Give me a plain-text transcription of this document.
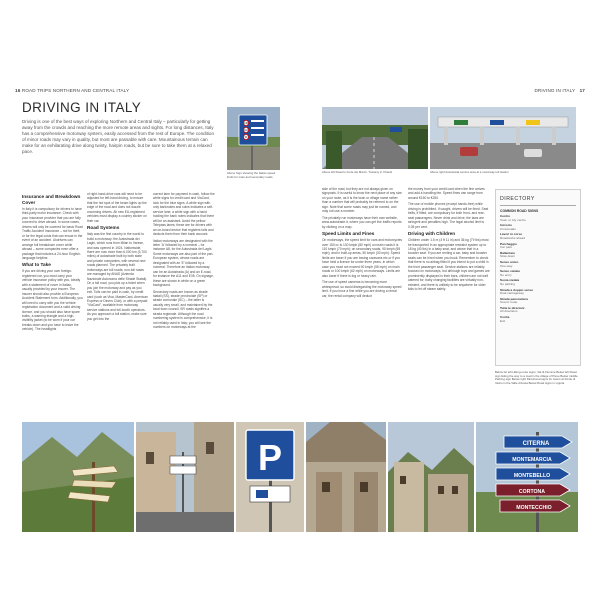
16 ROAD TRIPS NORTHERN AND CENTRAL ITALY	DRIVING IN ITALY 17
DRIVING IN ITALY
Driving is one of the best ways of exploring Northern and Central Italy – particularly for getting away from the crowds and reaching the more remote areas and sights. For long distances, Italy has a comprehensive motorway system, easily accessed from the rest of Europe. The condition of minor roads may vary in quality, but most are passable with care. Mountainous terrain can make for an exhilarating drive along twisty, hairpin roads, but be sure to take them at a relaxed pace.
130
110
90
Above Sign showing the Italian speed limits for main and secondary roads
Above left Road to Forte dei Marmi, Tuscany in Chianti	Above right Autostrada service area at a motorway toll station
Insurance and Breakdown Cover

In Italy it is compulsory for drivers to have third-party motor insurance. Check with your insurance provider that you are fully covered to drive abroad. In some cases, drivers will only be covered for basic Road Traffic Accident Insurance – not for theft, or for the legal costs that can ensue in the event of an accident. Ukdrivers can arrange full breakdown cover while abroad – some companies even offer a package that includes a 24-hour English-language helpline.

What to Take

If you are driving your own foreign-registered car, you must carry your vehicle insurance policy with you, ideally with a statement of cover in Italian, usually provided by your insurer. The insurer should also provide a European Accident Statement form. Additionally, you will need to carry with you the vehicle registration document and a valid driving licence, and you should also have spare bulbs, a warning triangle and a high-visibility jacket (to be worn if your car breaks down and you have to leave the vehicle). The headlights

of right-hand-drive cars will need to be adjusted for left-hand driving, to ensure that the hot spot of the beam lights up the edge of the road and does not dazzle oncoming drivers. All new EU-registered vehicles must display a country sticker on their car.

Road Systems

Italy was the first country in the world to build a motorway: the Autostrada dei Laghi, which runs from Milan to Varese, and was opened in 1924. Nationwide, there are now more than 6,000 km (3,700 miles) of autostrade built by both state and private companies, with several new roads planned. The privately built motorways are toll roads; non-toll roads are managed by ANAS (Azienda Nazionale Autonoma delle Strade Statali). On a toll road, you pick up a ticket when you join the motorway and pay as you exit. Tolls can be paid in cash, by credit card (such as Visa, MasterCard, American Express or Diners Club), or with a prepaid "ViaCard", available from motorway service stations and toll-booth operators. As you approach a toll station, make sure you get into the

correct lane for payment in cash, follow the white signs for credit card and ViaCard, look for the blue signs. A white sign with only banknotes and coins indicates a self-service lane; a white sign with a hand holding the bank notes indicates that there will be an assistant. Avoid the yellow Telepass lanes; these are for drivers with an on-board device that registers tolls and deducts them from their bank account.

Italian motorways are designated with the letter 'A' followed by a numeral – for instance A8, for the Autostrada dei Laghi. Some motorways are also part of the pan-European system, whose roads are designated with an 'E' followed by a numeral. Therefore an Italian motorway can be an Autostrada (A) and an E-road, for instance the A11 and E35. On signage, these are shown in white on a green background.

Secondary roads are known as strade statali (SS), strade provinciale (SP) or strade comunale (SC) – the latter is usually very small, and maintained by the local town council. SR roads signifies a strada regionale. Although the road numbering system is comprehensive, it is not reliably used in Italy; you will see the numbers on motorways at the

side of the road, but they are not always given on signposts. It is useful to know the next place of any size on your route, as it is the town or village name rather than a number that will probably be referred to on the sign. Note that some roads may just be named, and may not use a number.

The privately run motorways have their own website, www.autostrade.it, where you can get live traffic reports by clicking on a map.

Speed Limits and Fines

On motorways, the speed limit for cars and motorcycles over 150 cc is 130 kmph (80 mph) on main roads it is 110 kmph (70 mph); on secondary roads, 90 kmph (55 mph); and in built-up areas, 50 kmph (30 mph). Speed limits are lower if you are towing caravans etc or if you have held a licence for under three years, in which case you must not exceed 90 kmph (55 mph) on main roads or 100 kmph (62 mph) on motorways. Limits are also lower if there is fog or heavy rain.

The use of speed cameras is becoming more widespread, so avoid disregarding the motorway speed limit. If you incur a fine while you are driving a rental car, the rental company will deduct

the money from your credit card when the fine arrives and add a handling fee. Speed fines can range from around €150 to €250.

The use of mobile phones (except hands-free) while driving is prohibited. If caught, drivers will be fined. Seat belts, if fitted, are compulsory for both front- and rear-seat passengers. Never drink and drive; the laws are stringent and penalties high. The legal alcohol limit is 0.05 per cent.

Driving with Children

Children under 1.5 m (4 ft 11 in) and 36 kg (79 lbs) must be transported in an appropriate restraint system up to 18 kg (40 lbs) in a baby seat, and above that in a booster seat. If you are renting a car, baby and booster seats can be hired when you book. Remember to check that there is no airbag fitted if you intend to put a child in the front passenger seat. Service stations are reliably focused on motorways, but although toys and games are prominently displayed in their bars, children are not well catered for; baby changing facilities are virtually non-existent, and there is unlikely to be anywhere for older kids to let off steam safely.

DIRECTORY
COMMON ROAD SIGNS
Centro
Town or city centre
Incrocio
Crossroads
Lavori in corso
Roadworks ahead
Parcheggio
Car park
Rallentare
Slow down
Senso unico
One-way
Senso vietato
No entry
Sosta vietata
No parking
Strada a doppio senso
Dual carriageway
Strada panoramica
Scenic route
Tutte le direzioni
All directions
Uscita
Exit
Below far left Hiking-route signs, Val di Fiemme Below left Road sign listing the way to a road in the village of Pieve Below middle Parking sign Below right Directional signs for towns at Ponte di Vedro in the Valle d'Aosta Below Road signs in Liguria
P	CITERNA
MONTEMARCIA
MONTEBELLO
CORTONA
MONTECCHIO
